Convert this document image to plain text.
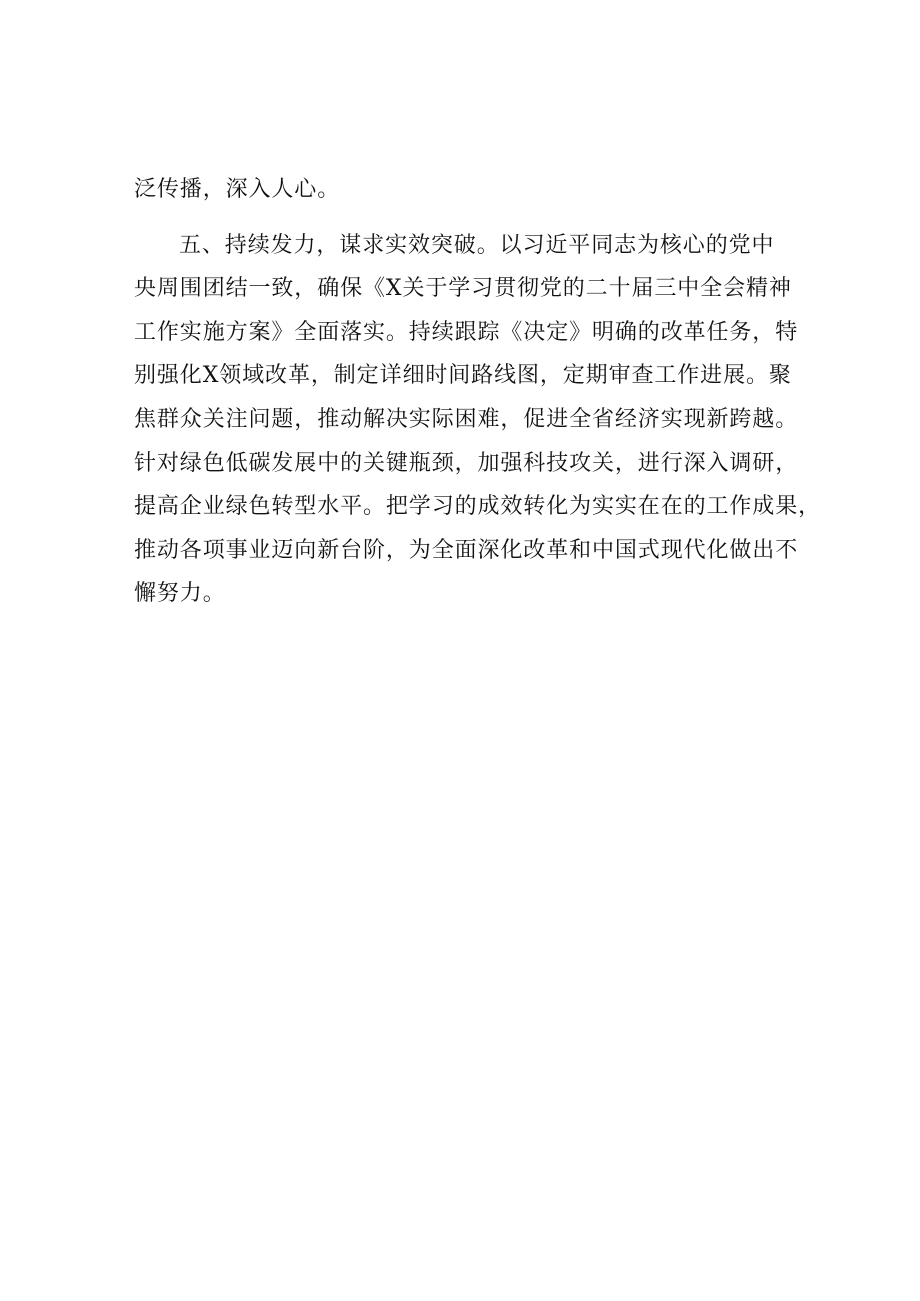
泛传播，深入人心。
五、持续发力，谋求实效突破。以习近平同志为核心的党中
央周围团结一致，确保《X关于学习贯彻党的二十届三中全会精神
工作实施方案》全面落实。持续跟踪《决定》明确的改革任务，特
别强化X领域改革，制定详细时间路线图，定期审查工作进展。聚
焦群众关注问题，推动解决实际困难，促进全省经济实现新跨越。
针对绿色低碳发展中的关键瓶颈，加强科技攻关，进行深入调研，
提高企业绿色转型水平。把学习的成效转化为实实在在的工作成果，
推动各项事业迈向新台阶，为全面深化改革和中国式现代化做出不
懈努力。
